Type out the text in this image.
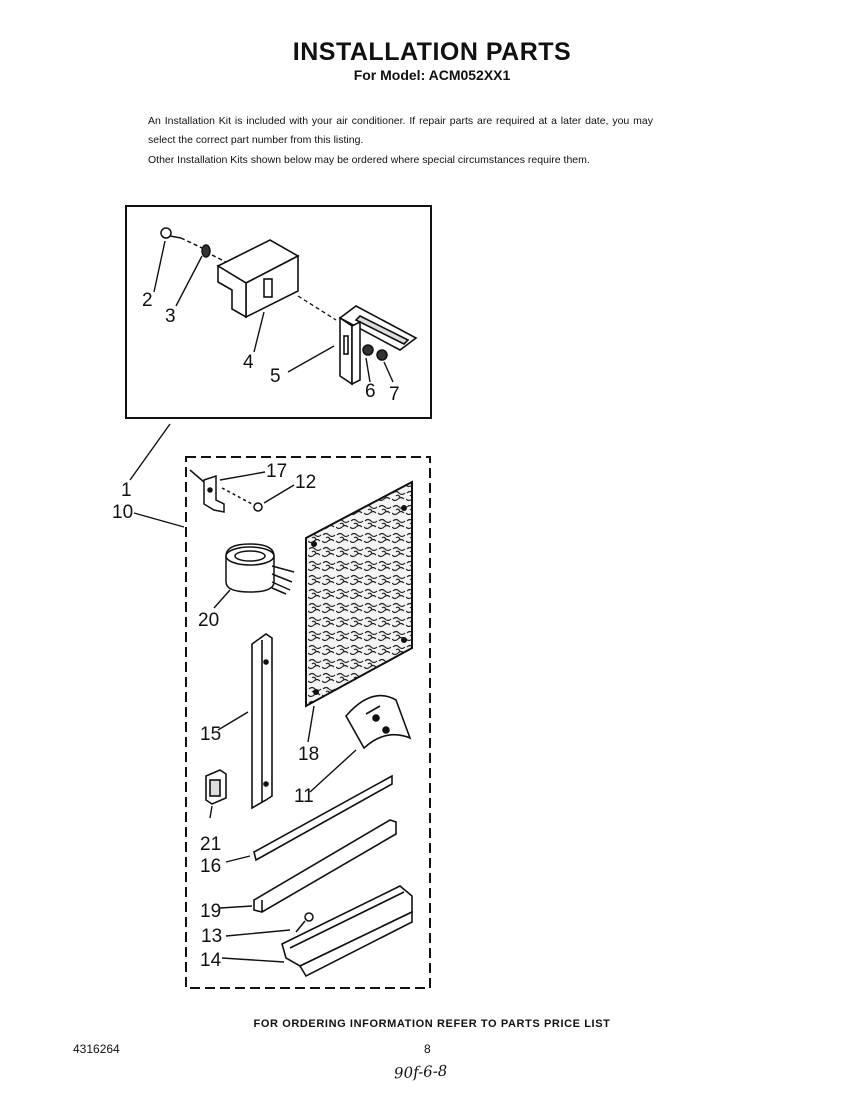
INSTALLATION PARTS
For Model: ACM052XX1
An Installation Kit is included with your air conditioner. If repair parts are required at a later date, you may select the correct part number from this listing.
Other Installation Kits shown below may be ordered where special circumstances require them.
1
2
3
4
5
6 7
10
11
12
13
14
15
16
17
18
19
20
21
FOR ORDERING INFORMATION REFER TO PARTS PRICE LIST
4316264	8
90f-6-8
